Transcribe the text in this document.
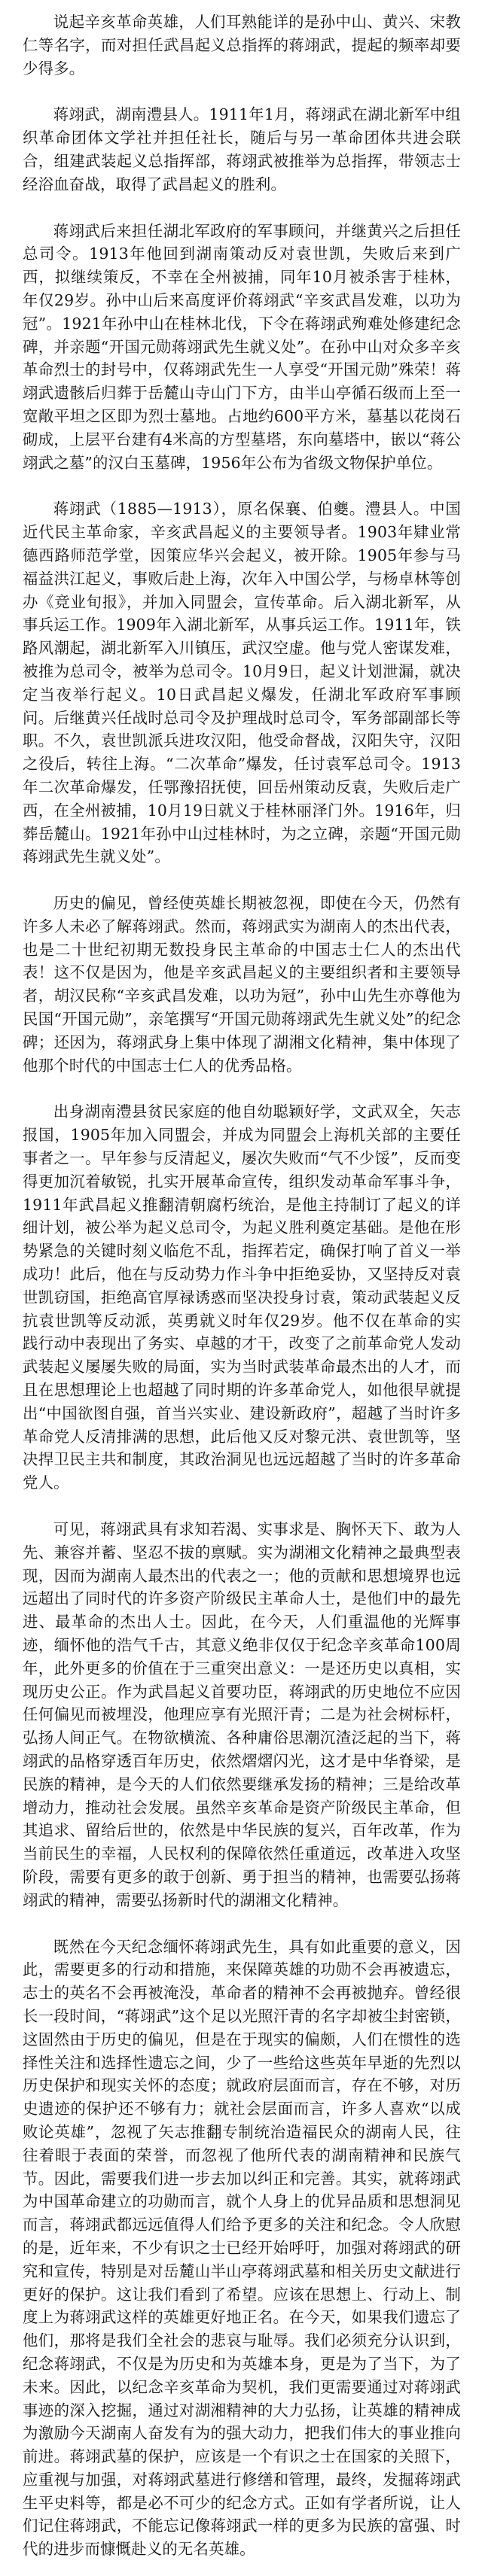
说起辛亥革命英雄，人们耳熟能详的是孙中山、黄兴、宋教仁等名字，而对担任武昌起义总指挥的蒋翊武，提起的频率却要少得多。

蒋翊武，湖南澧县人。1911年1月，蒋翊武在湖北新军中组织革命团体文学社并担任社长，随后与另一革命团体共进会联合，组建武装起义总指挥部，蒋翊武被推举为总指挥，带领志士经浴血奋战，取得了武昌起义的胜利。

蒋翊武后来担任湖北军政府的军事顾问，并继黄兴之后担任总司令。1913年他回到湖南策动反对袁世凯，失败后来到广西，拟继续策反，不幸在全州被捕，同年10月被杀害于桂林，年仅29岁。孙中山后来高度评价蒋翊武“辛亥武昌发难，以功为冠”。1921年孙中山在桂林北伐，下令在蒋翊武殉难处修建纪念碑，并亲题“开国元勋蒋翊武先生就义处”。在孙中山对众多辛亥革命烈士的封号中，仅蒋翊武先生一人享受“开国元勋”殊荣！蒋翊武遗骸后归葬于岳麓山寺山门下方，由半山亭循石级而上至一宽敞平坦之区即为烈士墓地。占地约600平方米，墓基以花岗石砌成，上层平台建有4米高的方型墓塔，东向墓塔中，嵌以“蒋公翊武之墓”的汉白玉墓碑，1956年公布为省级文物保护单位。

蒋翊武（1885—1913），原名保襄、伯夔。澧县人。中国近代民主革命家，辛亥武昌起义的主要领导者。1903年肄业常德西路师范学堂，因策应华兴会起义，被开除。1905年参与马福益洪江起义，事败后赴上海，次年入中国公学，与杨卓林等创办《竞业旬报》，并加入同盟会，宣传革命。后入湖北新军，从事兵运工作。1909年入湖北新军，从事兵运工作。1911年，铁路风潮起，湖北新军入川镇压，武汉空虚。他与党人密谋发难，被推为总司令，被举为总司令。10月9日，起义计划泄漏，就决定当夜举行起义。10日武昌起义爆发，任湖北军政府军事顾问。后继黄兴任战时总司令及护理战时总司令，军务部副部长等职。不久，袁世凯派兵进攻汉阳，他受命督战，汉阳失守，汉阳之役后，转往上海。“二次革命”爆发，任讨袁军总司令。1913年二次革命爆发，任鄂豫招抚使，回岳州策动反袁，失败后走广西，在全州被捕，10月19日就义于桂林丽泽门外。1916年，归葬岳麓山。1921年孙中山过桂林时，为之立碑，亲题“开国元勋蒋翊武先生就义处”。

历史的偏见，曾经使英雄长期被忽视，即使在今天，仍然有许多人未必了解蒋翊武。然而，蒋翊武实为湖南人的杰出代表，也是二十世纪初期无数投身民主革命的中国志士仁人的杰出代表！这不仅是因为，他是辛亥武昌起义的主要组织者和主要领导者，胡汉民称“辛亥武昌发难，以功为冠”，孙中山先生亦尊他为民国“开国元勋”，亲笔撰写“开国元勋蒋翊武先生就义处”的纪念碑；还因为，蒋翊武身上集中体现了湖湘文化精神，集中体现了他那个时代的中国志士仁人的优秀品格。

出身湖南澧县贫民家庭的他自幼聪颖好学，文武双全，矢志报国，1905年加入同盟会，并成为同盟会上海机关部的主要任事者之一。早年参与反清起义，屡次失败而“气不少馁”，反而变得更加沉着敏锐，扎实开展革命宣传，组织发动革命军事斗争，1911年武昌起义推翻清朝腐朽统治，是他主持制订了起义的详细计划，被公举为起义总司令，为起义胜利奠定基础。是他在形势紧急的关键时刻义临危不乱，指挥若定，确保打响了首义一举成功！此后，他在与反动势力作斗争中拒绝妥协，又坚持反对袁世凯窃国，拒绝高官厚禄诱惑而坚决投身讨袁，策动武装起义反抗袁世凯等反动派，英勇就义时年仅29岁。他不仅在革命的实践行动中表现出了务实、卓越的才干，改变了之前革命党人发动武装起义屡屡失败的局面，实为当时武装革命最杰出的人才，而且在思想理论上也超越了同时期的许多革命党人，如他很早就提出“中国欲图自强，首当兴实业、建设新政府”，超越了当时许多革命党人反清排满的思想，此后他又反对黎元洪、袁世凯等，坚决捍卫民主共和制度，其政治洞见也远远超越了当时的许多革命党人。

可见，蒋翊武具有求知若渴、实事求是、胸怀天下、敢为人先、兼容并蓄、坚忍不拔的禀赋。实为湖湘文化精神之最典型表现，因而为湖南人最杰出的代表之一；他的贡献和思想境界也远远超出了同时代的许多资产阶级民主革命人士，是他们中的最先进、最革命的杰出人士。因此，在今天，人们重温他的光辉事迹，缅怀他的浩气千古，其意义绝非仅仅于纪念辛亥革命100周年，此外更多的价值在于三重突出意义：一是还历史以真相，实现历史公正。作为武昌起义首要功臣，蒋翊武的历史地位不应因任何偏见而被埋没，他理应享有光照汗青；二是为社会树标杆，弘扬人间正气。在物欲横流、各种庸俗思潮沉渣泛起的当下，蒋翊武的品格穿透百年历史，依然熠熠闪光，这才是中华脊梁，是民族的精神，是今天的人们依然要继承发扬的精神；三是给改革增动力，推动社会发展。虽然辛亥革命是资产阶级民主革命，但其追求、留给后世的，依然是中华民族的复兴，百年改革，作为当前民生的幸福，人民权利的保障依然任重道远，改革进入攻坚阶段，需要有更多的敢于创新、勇于担当的精神，也需要弘扬蒋翊武的精神，需要弘扬新时代的湖湘文化精神。

既然在今天纪念缅怀蒋翊武先生，具有如此重要的意义，因此，需要更多的行动和措施，来保障英雄的功勋不会再被遗忘，志士的英名不会再被淹没，革命者的精神不会再被抛弃。曾经很长一段时间，“蒋翊武”这个足以光照汗青的名字却被尘封密锁，这固然由于历史的偏见，但是在于现实的偏颇，人们在惯性的选择性关注和选择性遗忘之间，少了一些给这些英年早逝的先烈以历史保护和现实关怀的态度；就政府层面而言，存在不够，对历史遗迹的保护还不够有力；就社会层面而言，许多人喜欢“以成败论英雄”，忽视了矢志推翻专制统治造福民众的湖南人民，往往着眼于表面的荣誉，而忽视了他所代表的湖南精神和民族气节。因此，需要我们进一步去加以纠正和完善。其实，就蒋翊武为中国革命建立的功勋而言，就个人身上的优异品质和思想洞见而言，蒋翊武都远远值得人们给予更多的关注和纪念。令人欣慰的是，近年来，不少有识之士已经开始呼吁，加强对蒋翊武的研究和宣传，特别是对岳麓山半山亭蒋翊武墓和相关历史文献进行更好的保护。这让我们看到了希望。应该在思想上、行动上、制度上为蒋翊武这样的英雄更好地正名。在今天，如果我们遗忘了他们，那将是我们全社会的悲哀与耻辱。我们必须充分认识到，纪念蒋翊武，不仅是为历史和为英雄本身，更是为了当下，为了未来。因此，以纪念辛亥革命为契机，我们更需要通过对蒋翊武事迹的深入挖掘，通过对湖湘精神的大力弘扬，让英雄的精神成为激励今天湖南人奋发有为的强大动力，把我们伟大的事业推向前进。蒋翊武墓的保护，应该是一个有识之士在国家的关照下，应重视与加强，对蒋翊武墓进行修缮和管理，最终，发掘蒋翊武生平史料等，都是必不可少的纪念方式。正如有学者所说，让人们记住蒋翊武，不能忘记像蒋翊武一样的更多为民族的富强、时代的进步而慷慨赴义的无名英雄。
